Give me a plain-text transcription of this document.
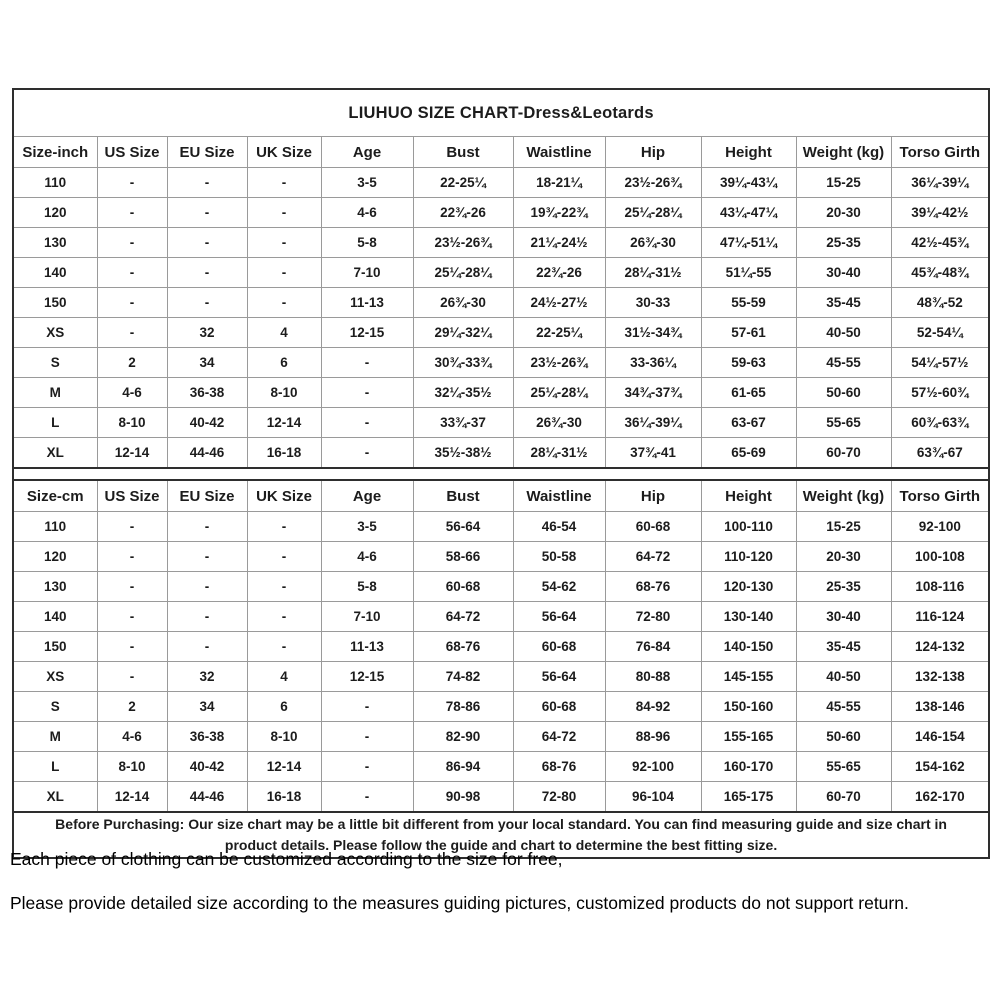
LIUHUO SIZE CHART-Dress&Leotards										
Size-inch	US Size	EU Size	UK Size	Age	Bust	Waistline	Hip	Height	Weight (kg)	Torso Girth
110	-	-	-	3-5	22-25¼	18-21¼	23½-26¾	39¼-43¼	15-25	36¼-39¼
120	-	-	-	4-6	22¾-26	19¾-22¾	25¼-28¼	43¼-47¼	20-30	39¼-42½
130	-	-	-	5-8	23½-26¾	21¼-24½	26¾-30	47¼-51¼	25-35	42½-45¾
140	-	-	-	7-10	25¼-28¼	22¾-26	28¼-31½	51¼-55	30-40	45¾-48¾
150	-	-	-	11-13	26¾-30	24½-27½	30-33	55-59	35-45	48¾-52
XS	-	32	4	12-15	29¼-32¼	22-25¼	31½-34¾	57-61	40-50	52-54¼
S	2	34	6	-	30¾-33¾	23½-26¾	33-36¼	59-63	45-55	54¼-57½
M	4-6	36-38	8-10	-	32¼-35½	25¼-28¼	34¾-37¾	61-65	50-60	57½-60¾
L	8-10	40-42	12-14	-	33¾-37	26¾-30	36¼-39¼	63-67	55-65	60¾-63¾
XL	12-14	44-46	16-18	-	35½-38½	28¼-31½	37¾-41	65-69	60-70	63¾-67

Size-cm	US Size	EU Size	UK Size	Age	Bust	Waistline	Hip	Height	Weight (kg)	Torso Girth
110	-	-	-	3-5	56-64	46-54	60-68	100-110	15-25	92-100
120	-	-	-	4-6	58-66	50-58	64-72	110-120	20-30	100-108
130	-	-	-	5-8	60-68	54-62	68-76	120-130	25-35	108-116
140	-	-	-	7-10	64-72	56-64	72-80	130-140	30-40	116-124
150	-	-	-	11-13	68-76	60-68	76-84	140-150	35-45	124-132
XS	-	32	4	12-15	74-82	56-64	80-88	145-155	40-50	132-138
S	2	34	6	-	78-86	60-68	84-92	150-160	45-55	138-146
M	4-6	36-38	8-10	-	82-90	64-72	88-96	155-165	50-60	146-154
L	8-10	40-42	12-14	-	86-94	68-76	92-100	160-170	55-65	154-162
XL	12-14	44-46	16-18	-	90-98	72-80	96-104	165-175	60-70	162-170

Before Purchasing: Our size chart may be a little bit different from your local standard. You can find measuring guide and size chart in
product details. Please follow the guide and chart to determine the best fitting size.										

Each piece of clothing can be customized according to the size for free,

Please provide detailed size according to the measures guiding pictures, customized products do not support return.
